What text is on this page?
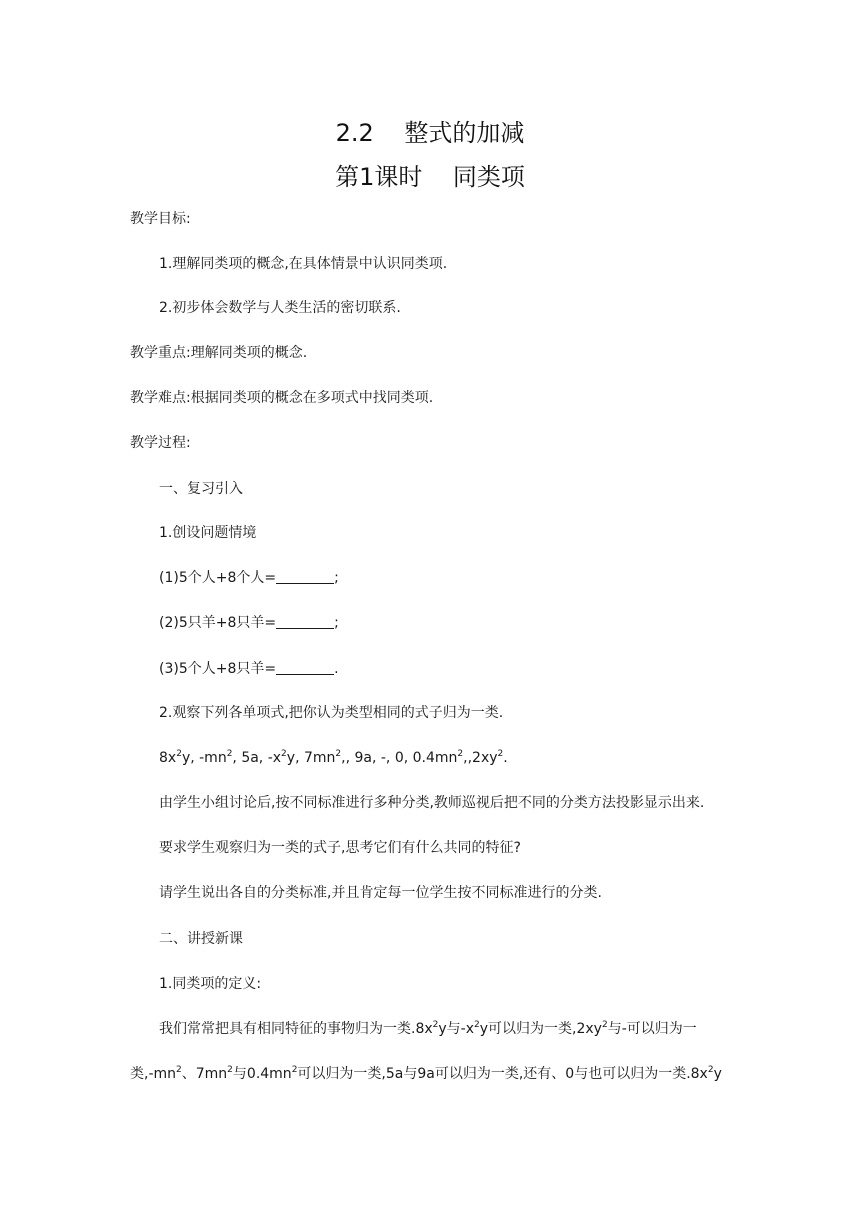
2.2    整式的加减
第1课时    同类项
教学目标:
1.理解同类项的概念,在具体情景中认识同类项.
2.初步体会数学与人类生活的密切联系.
教学重点:理解同类项的概念.
教学难点:根据同类项的概念在多项式中找同类项.
教学过程:
一、复习引入
1.创设问题情境
(1)5个人+8个人=	;
(2)5只羊+8只羊=	;
(3)5个人+8只羊=	.
2.观察下列各单项式,把你认为类型相同的式子归为一类.
$8x^2y$, $-mn^2$, 5a, $-x^2y$, $7mn^2$,, 9a, -, 0, $0.4mn^2,,2xy^2$.
由学生小组讨论后,按不同标准进行多种分类,教师巡视后把不同的分类方法投影显示出来.
要求学生观察归为一类的式子,思考它们有什么共同的特征?
请学生说出各自的分类标准,并且肯定每一位学生按不同标准进行的分类.
二、讲授新课
1.同类项的定义:
我们常常把具有相同特征的事物归为一类$.8x^2y$与$-x^2y$可以归为一类$,2xy^2$与-可以归为一
类$,-mn^2$、$7mn^2$与$0.4mn^2$可以归为一类,5a与9a可以归为一类,还有、0与也可以归为一类$.8x^2y$
